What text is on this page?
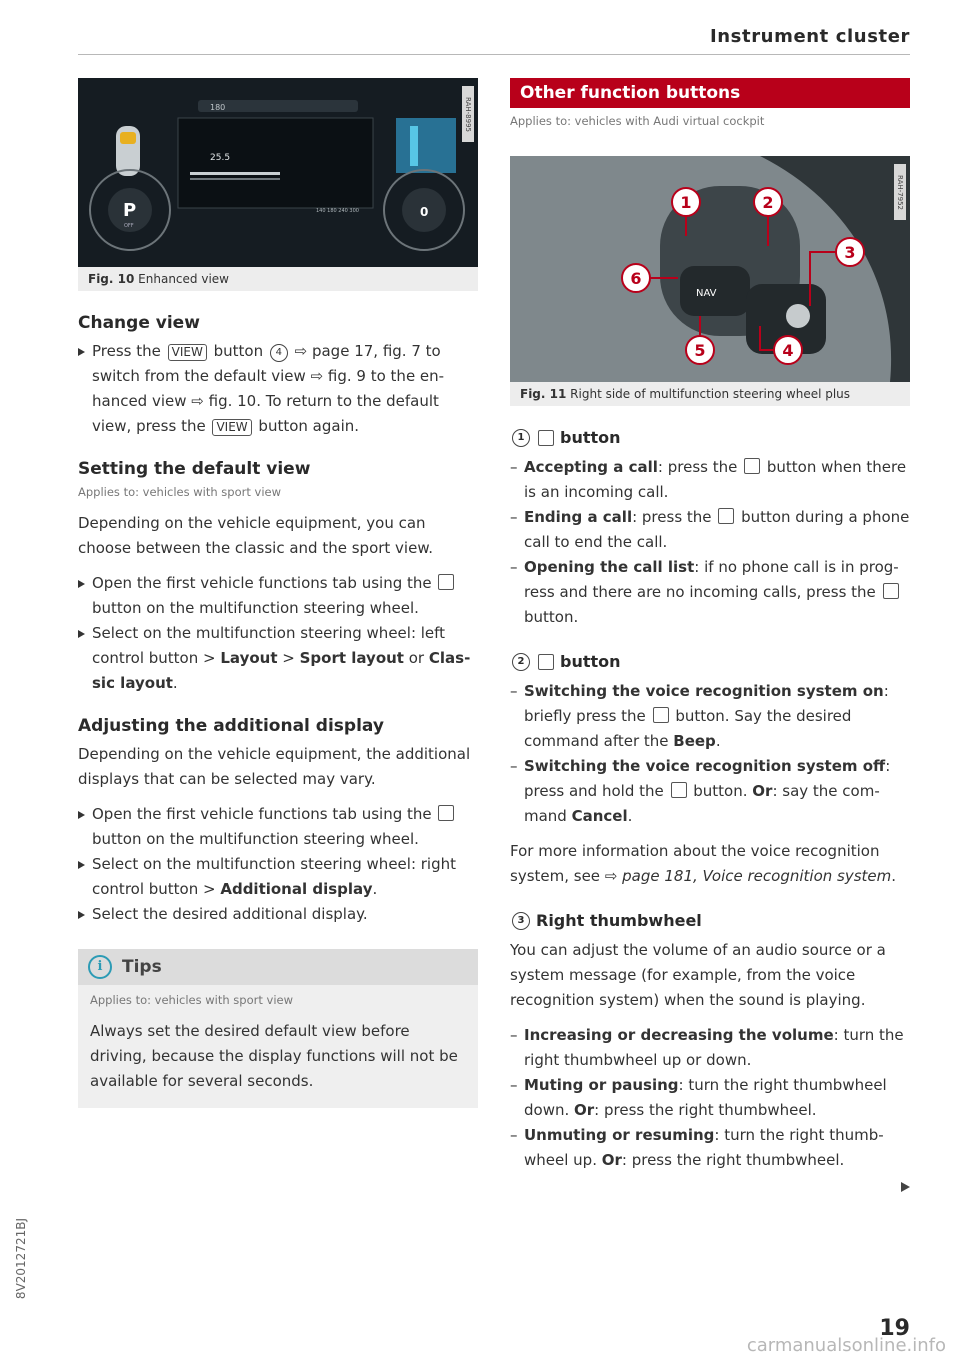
Instrument cluster
180
P
OFF
25.5
0
140 180 240 300
RAH-8995
Fig. 10 Enhanced view
Change view
Press the VIEW button 4 ⇨ page 17, fig. 7 to switch from the default view ⇨ fig. 9 to the enhanced view ⇨ fig. 10. To return to the default view, press the VIEW button again.
Setting the default view
Applies to: vehicles with sport view
Depending on the vehicle equipment, you can choose between the classic and the sport view.
Open the first vehicle functions tab using the  button on the multifunction steering wheel.
Select on the multifunction steering wheel: left control button > Layout > Sport layout or Classic layout.
Adjusting the additional display
Depending on the vehicle equipment, the additional displays that can be selected may vary.
Open the first vehicle functions tab using the  button on the multifunction steering wheel.
Select on the multifunction steering wheel: right control button > Additional display.
Select the desired additional display.
i	Tips
Applies to: vehicles with sport view
Always set the desired default view before driving, because the display functions will not be available for several seconds.
Other function buttons
Applies to: vehicles with Audi virtual cockpit
NAV
1	2
3
4
5
6
RAH-7952
Fig. 11 Right side of multifunction steering wheel plus
1	button
– Accepting a call: press the  button when there is an incoming call.
– Ending a call: press the  button during a phone call to end the call.
– Opening the call list: if no phone call is in progress and there are no incoming calls, press the  button.
2	button
– Switching the voice recognition system on: briefly press the  button. Say the desired command after the Beep.
– Switching the voice recognition system off: press and hold the  button. Or: say the command Cancel.
For more information about the voice recognition system, see ⇨ page 181, Voice recognition system.
3 Right thumbwheel
You can adjust the volume of an audio source or a system message (for example, from the voice recognition system) when the sound is playing.
– Increasing or decreasing the volume: turn the right thumbwheel up or down.
– Muting or pausing: turn the right thumbwheel down. Or: press the right thumbwheel.
– Unmuting or resuming: turn the right thumbwheel up. Or: press the right thumbwheel.
19
8V2012721BJ
carmanualsonline.info
